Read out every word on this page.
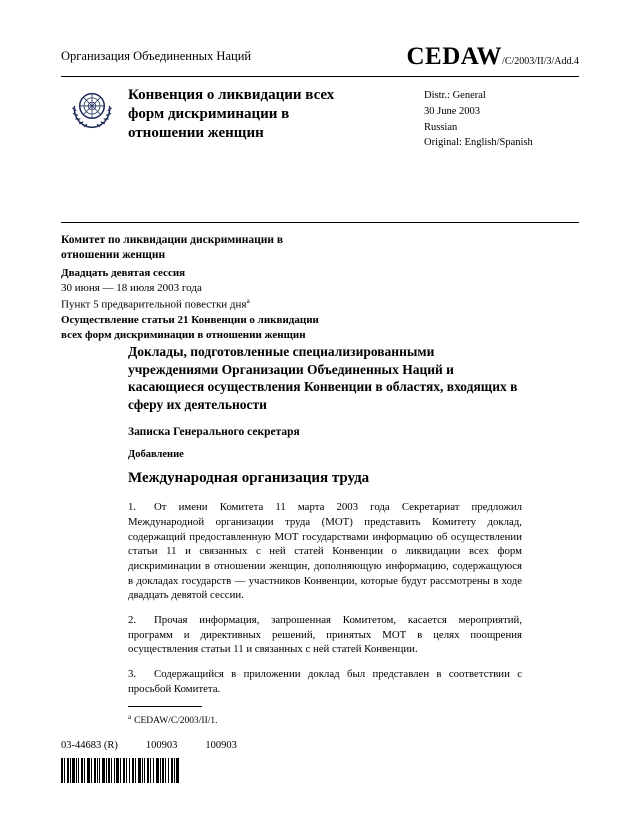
Организация Объединенных Наций	CEDAW/C/2003/II/3/Add.4
Конвенция о ликвидации всех форм дискриминации в отношении женщин
Distr.: General
30 June 2003
Russian
Original: English/Spanish
Комитет по ликвидации дискриминации в отношении женщин
Двадцать девятая сессия
30 июня — 18 июля 2003 года
Пункт 5 предварительной повестки дня$^a$
Осуществление статьи 21 Конвенции о ликвидации всех форм дискриминации в отношении женщин
Доклады, подготовленные специализированными учреждениями Организации Объединенных Наций и касающиеся осуществления Конвенции в областях, входящих в сферу их деятельности
Записка Генерального секретаря
Добавление
Международная организация труда

1. От имени Комитета 11 марта 2003 года Секретариат предложил Международной организации труда (МОТ) представить Комитету доклад, содержащий предоставленную МОТ государствами информацию об осуществлении статьи 11 и связанных с ней статей Конвенции о ликвидации всех форм дискриминации в отношении женщин, дополняющую информацию, содержащуюся в докладах государств — участников Конвенции, которые будут рассмотрены в ходе двадцать девятой сессии.

2. Прочая информация, запрошенная Комитетом, касается мероприятий, программ и директивных решений, принятых МОТ в целях поощрения осуществления статьи 11 и связанных с ней статей Конвенции.

3. Содержащийся в приложении доклад был представлен в соответствии с просьбой Комитета.

$^a$ CEDAW/C/2003/II/1.
03-44683 (R)	100903	100903
